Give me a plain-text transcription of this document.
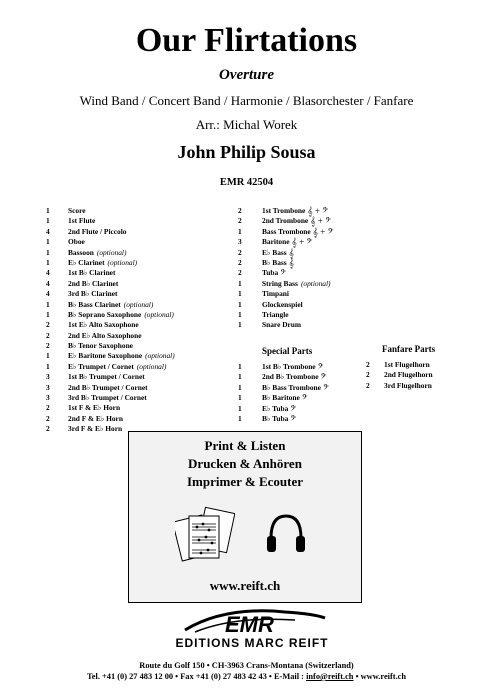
Our Flirtations
Overture
Wind Band / Concert Band / Harmonie / Blasorchester / Fanfare
Arr.: Michal Worek
John Philip Sousa
EMR 42504
1	Score
1	1st Flute
4	2nd Flute / Piccolo
1	Oboe
1	Bassoon (optional)
1	E♭ Clarinet (optional)
4	1st B♭ Clarinet
4	2nd B♭ Clarinet
4	3rd B♭ Clarinet
1	B♭ Bass Clarinet (optional)
1	B♭ Soprano Saxophone (optional)
2	1st E♭ Alto Saxophone
2	2nd E♭ Alto Saxophone
2	B♭ Tenor Saxophone
1	E♭ Baritone Saxophone (optional)
1	E♭ Trumpet / Cornet (optional)
3	1st B♭ Trumpet / Cornet
3	2nd B♭ Trumpet / Cornet
3	3rd B♭ Trumpet / Cornet
2	1st F & E♭ Horn
2	2nd F & E♭ Horn
2	3rd F & E♭ Horn
2	1st Trombone 𝄞 + 𝄢
2	2nd Trombone 𝄞 + 𝄢
1	Bass Trombone 𝄞 + 𝄢
3	Baritone 𝄞 + 𝄢
2	E♭ Bass 𝄞
2	B♭ Bass 𝄞
2	Tuba 𝄢
1	String Bass (optional)
1	Timpani
1	Glockenspiel
1	Triangle
1	Snare Drum
Special Parts	Fanfare Parts
1	1st B♭ Trombone 𝄢
1	2nd B♭ Trombone 𝄢
1	B♭ Bass Trombone 𝄢
1	B♭ Baritone 𝄢
1	E♭ Tuba 𝄢
1	B♭ Tuba 𝄢
2	1st Flugelhorn
2	2nd Flugelhorn
2	3rd Flugelhorn
Print & Listen
Drucken & Anhören
Imprimer & Ecouter
www.reift.ch
EMR
EDITIONS MARC REIFT
Route du Golf 150 • CH-3963 Crans-Montana (Switzerland)
Tel. +41 (0) 27 483 12 00 • Fax +41 (0) 27 483 42 43 • E-Mail : info@reift.ch • www.reift.ch
